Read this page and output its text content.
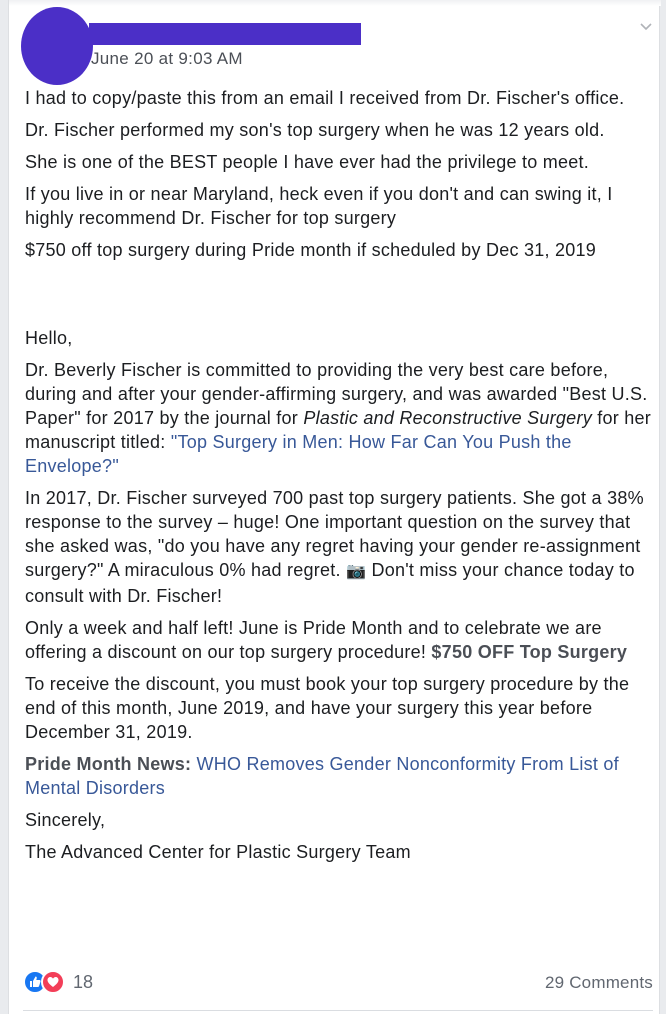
June 20 at 9:03 AM

I had to copy/paste this from an email I received from Dr. Fischer's office.

Dr. Fischer performed my son's top surgery when he was 12 years old.

She is one of the BEST people I have ever had the privilege to meet.

If you live in or near Maryland, heck even if you don't and can swing it, I highly recommend Dr. Fischer for top surgery

$750 off top surgery during Pride month if scheduled by Dec 31, 2019

Hello,

Dr. Beverly Fischer is committed to providing the very best care before, during and after your gender-affirming surgery, and was awarded "Best U.S. Paper" for 2017 by the journal for Plastic and Reconstructive Surgery for her manuscript titled: "Top Surgery in Men: How Far Can You Push the Envelope?"

In 2017, Dr. Fischer surveyed 700 past top surgery patients. She got a 38% response to the survey – huge! One important question on the survey that she asked was, "do you have any regret having your gender re-assignment surgery?" A miraculous 0% had regret. 📷 Don't miss your chance today to consult with Dr. Fischer!

Only a week and half left! June is Pride Month and to celebrate we are offering a discount on our top surgery procedure! $750 OFF Top Surgery

To receive the discount, you must book your top surgery procedure by the end of this month, June 2019, and have your surgery this year before December 31, 2019.

Pride Month News: WHO Removes Gender Nonconformity From List of Mental Disorders

Sincerely,

The Advanced Center for Plastic Surgery Team

18	29 Comments
